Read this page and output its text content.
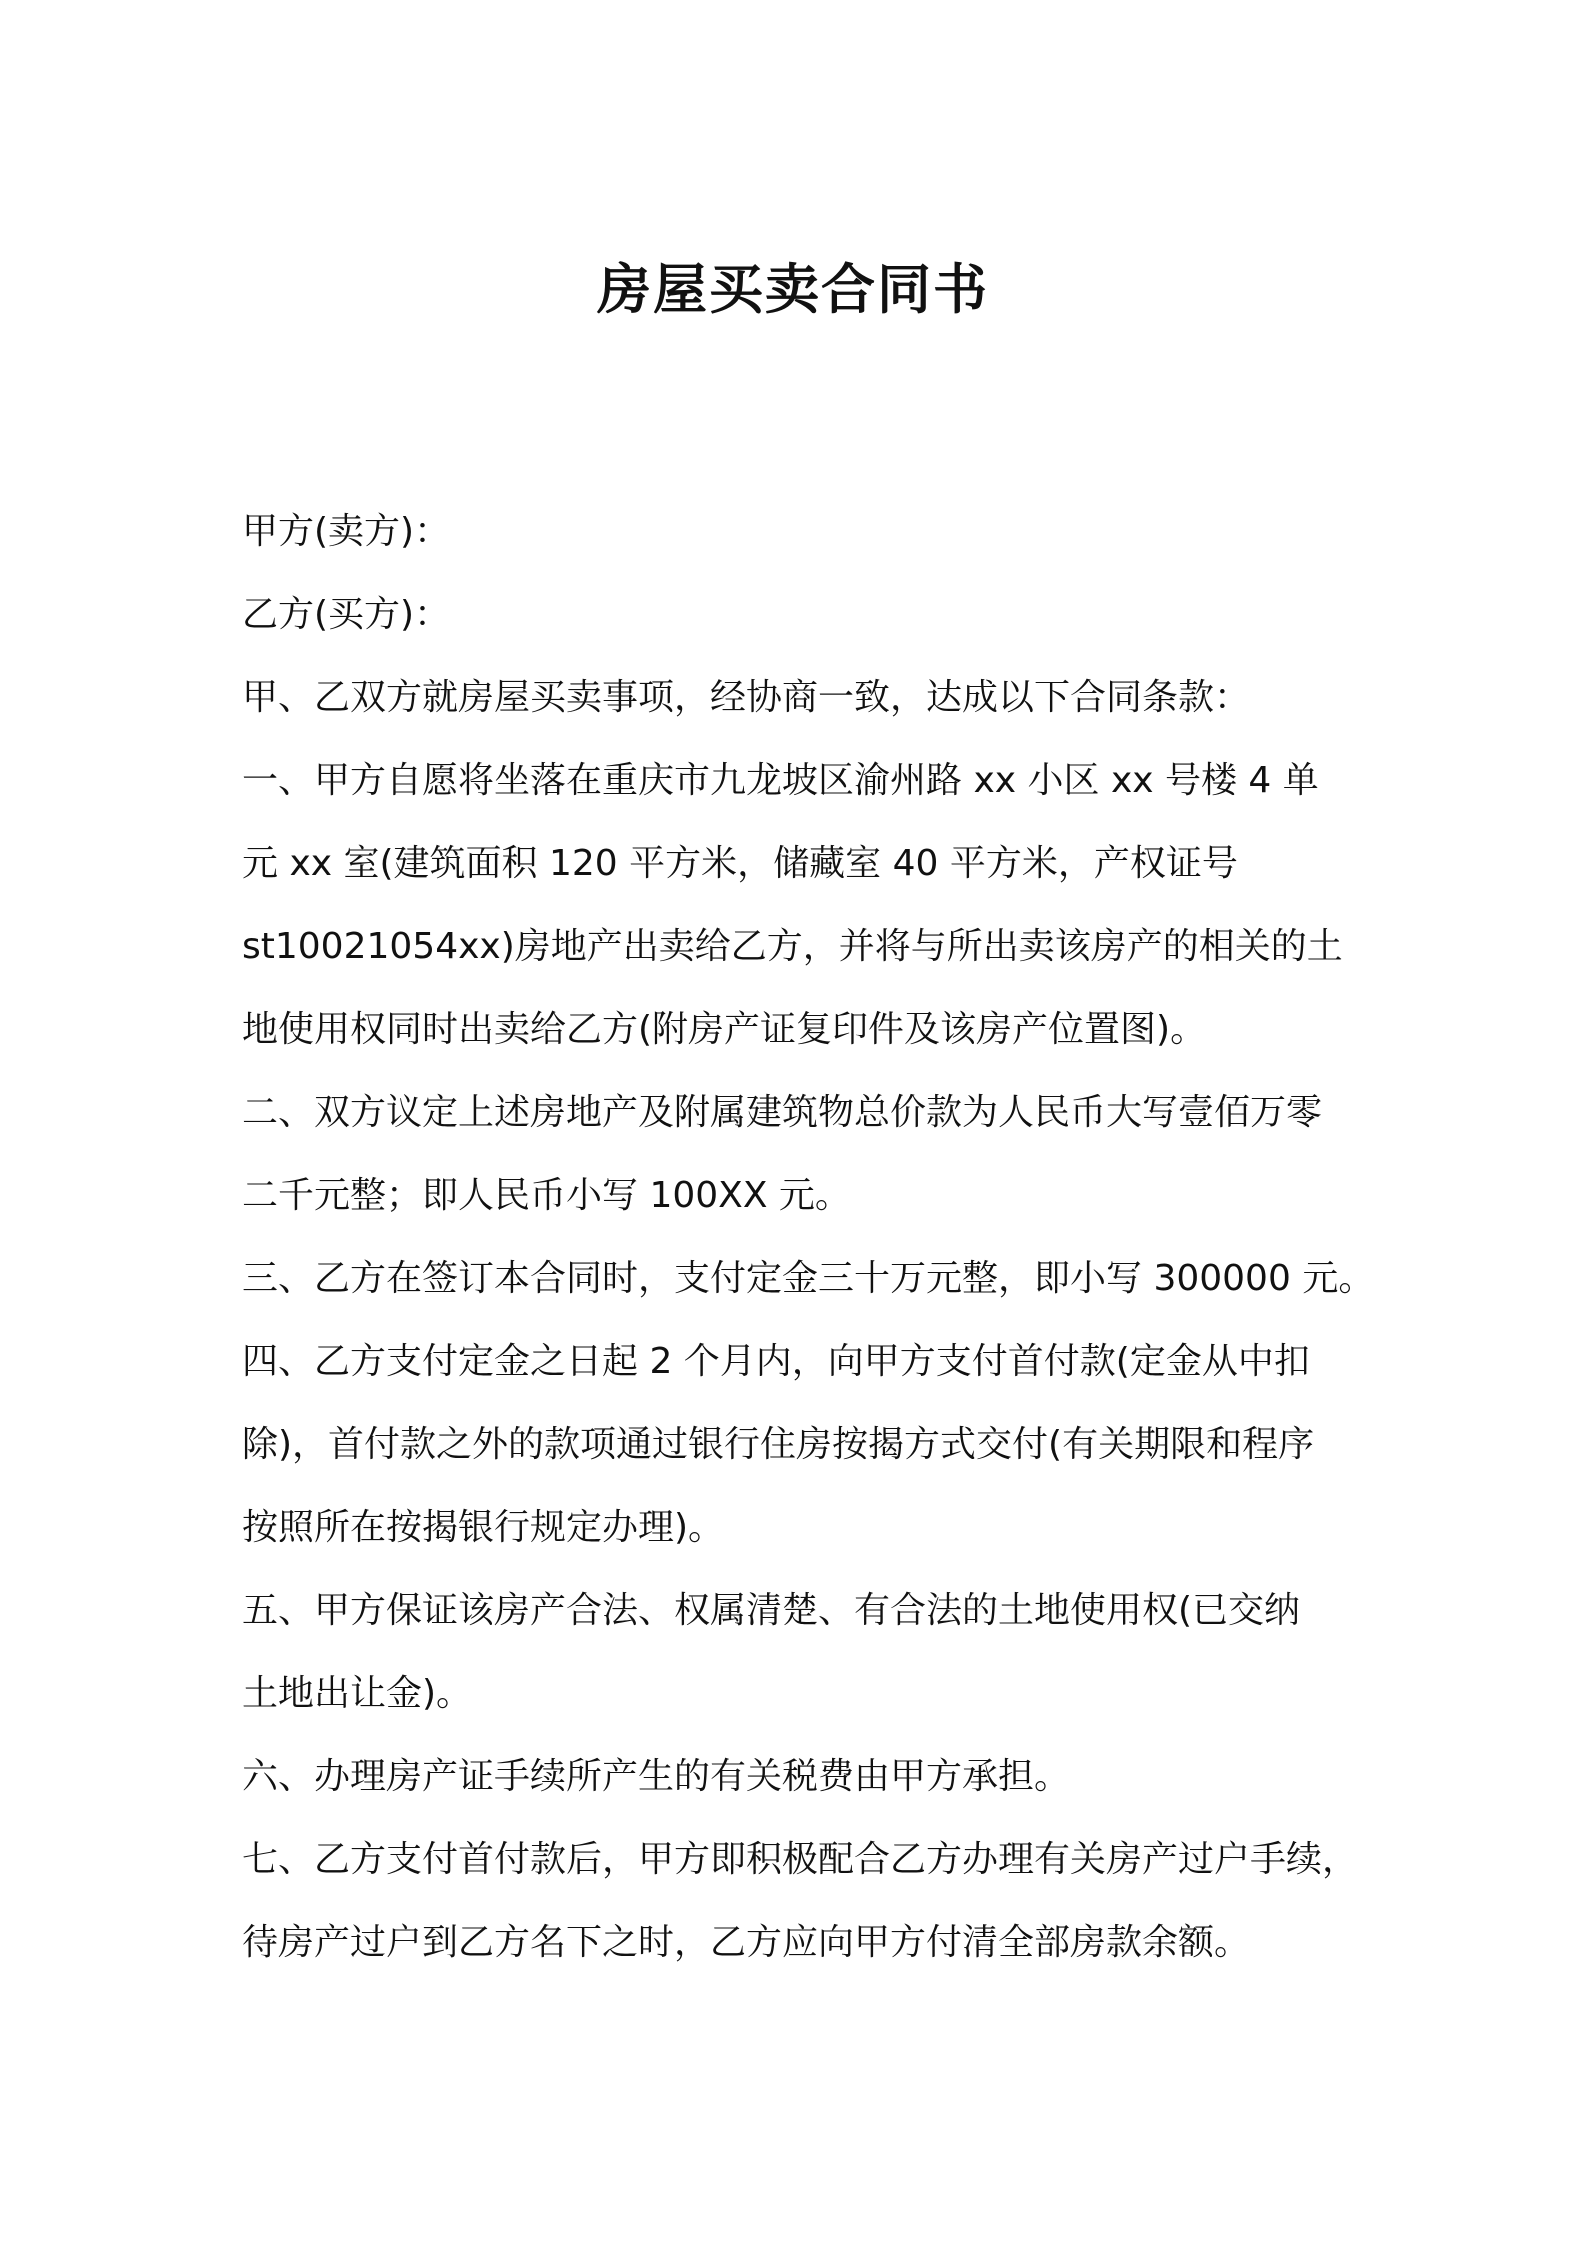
房屋买卖合同书

甲方(卖方)：

乙方(买方)：

甲、乙双方就房屋买卖事项，经协商一致，达成以下合同条款：

一、甲方自愿将坐落在重庆市九龙坡区渝州路 xx 小区 xx 号楼 4 单

元 xx 室(建筑面积 120 平方米，储藏室 40 平方米，产权证号

st10021054xx)房地产出卖给乙方，并将与所出卖该房产的相关的土

地使用权同时出卖给乙方(附房产证复印件及该房产位置图)。

二、双方议定上述房地产及附属建筑物总价款为人民币大写壹佰万零

二千元整；即人民币小写 100XX 元。

三、乙方在签订本合同时，支付定金三十万元整，即小写 300000 元。

四、乙方支付定金之日起 2 个月内，向甲方支付首付款(定金从中扣

除)，首付款之外的款项通过银行住房按揭方式交付(有关期限和程序

按照所在按揭银行规定办理)。

五、甲方保证该房产合法、权属清楚、有合法的土地使用权(已交纳

土地出让金)。

六、办理房产证手续所产生的有关税费由甲方承担。

七、乙方支付首付款后，甲方即积极配合乙方办理有关房产过户手续，

待房产过户到乙方名下之时，乙方应向甲方付清全部房款余额。
